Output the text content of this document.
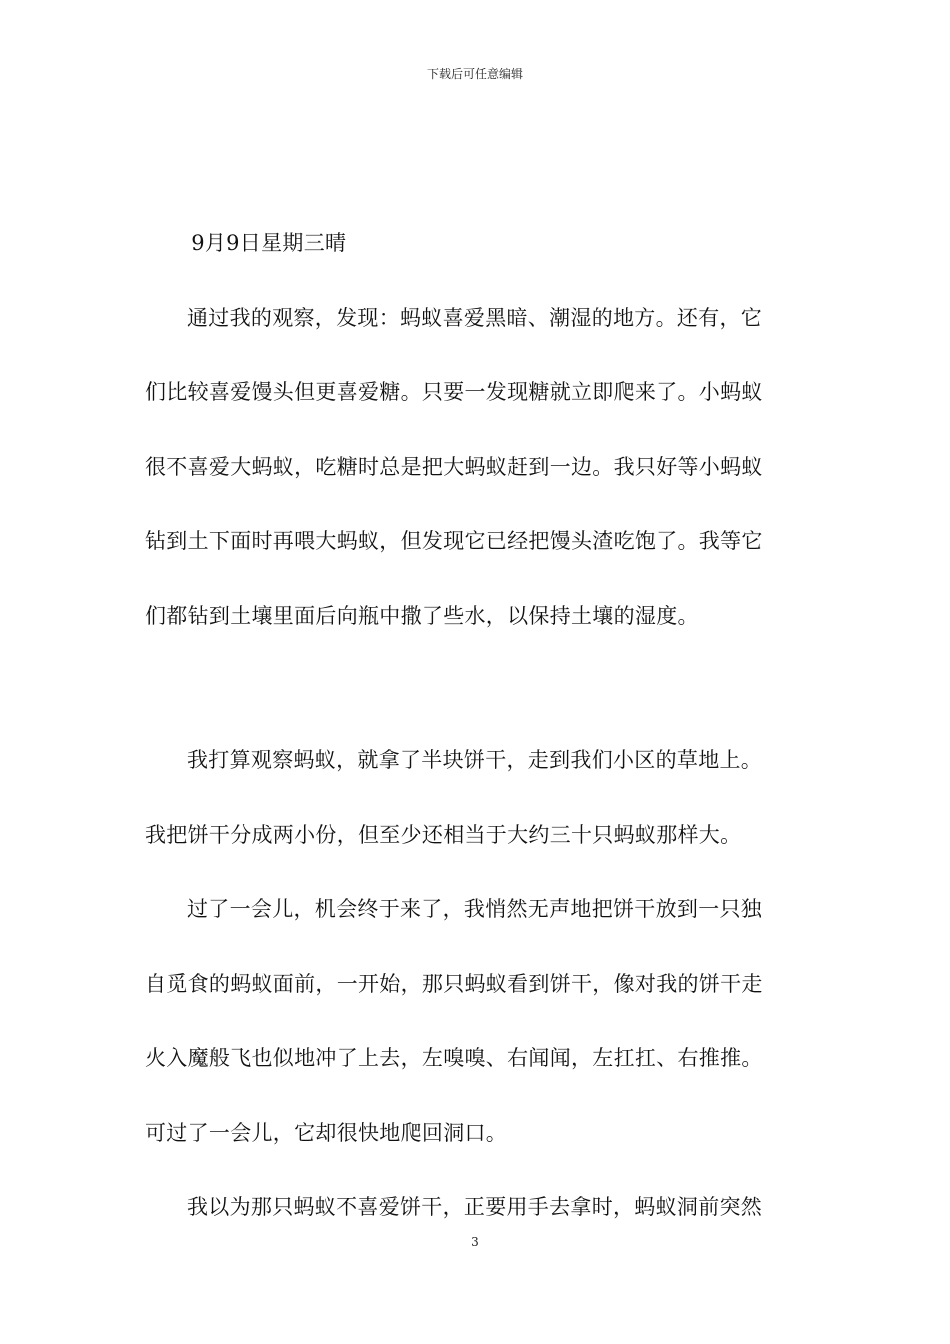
下载后可任意编辑
9月9日星期三晴
通过我的观察，发现：蚂蚁喜爱黑暗、潮湿的地方。还有，它
们比较喜爱馒头但更喜爱糖。只要一发现糖就立即爬来了。小蚂蚁
很不喜爱大蚂蚁，吃糖时总是把大蚂蚁赶到一边。我只好等小蚂蚁
钻到土下面时再喂大蚂蚁，但发现它已经把馒头渣吃饱了。我等它
们都钻到土壤里面后向瓶中撒了些水，以保持土壤的湿度。
我打算观察蚂蚁，就拿了半块饼干，走到我们小区的草地上。
我把饼干分成两小份，但至少还相当于大约三十只蚂蚁那样大。
过了一会儿，机会终于来了，我悄然无声地把饼干放到一只独
自觅食的蚂蚁面前，一开始，那只蚂蚁看到饼干，像对我的饼干走
火入魔般飞也似地冲了上去，左嗅嗅、右闻闻，左扛扛、右推推。
可过了一会儿，它却很快地爬回洞口。
我以为那只蚂蚁不喜爱饼干，正要用手去拿时，蚂蚁洞前突然
3
